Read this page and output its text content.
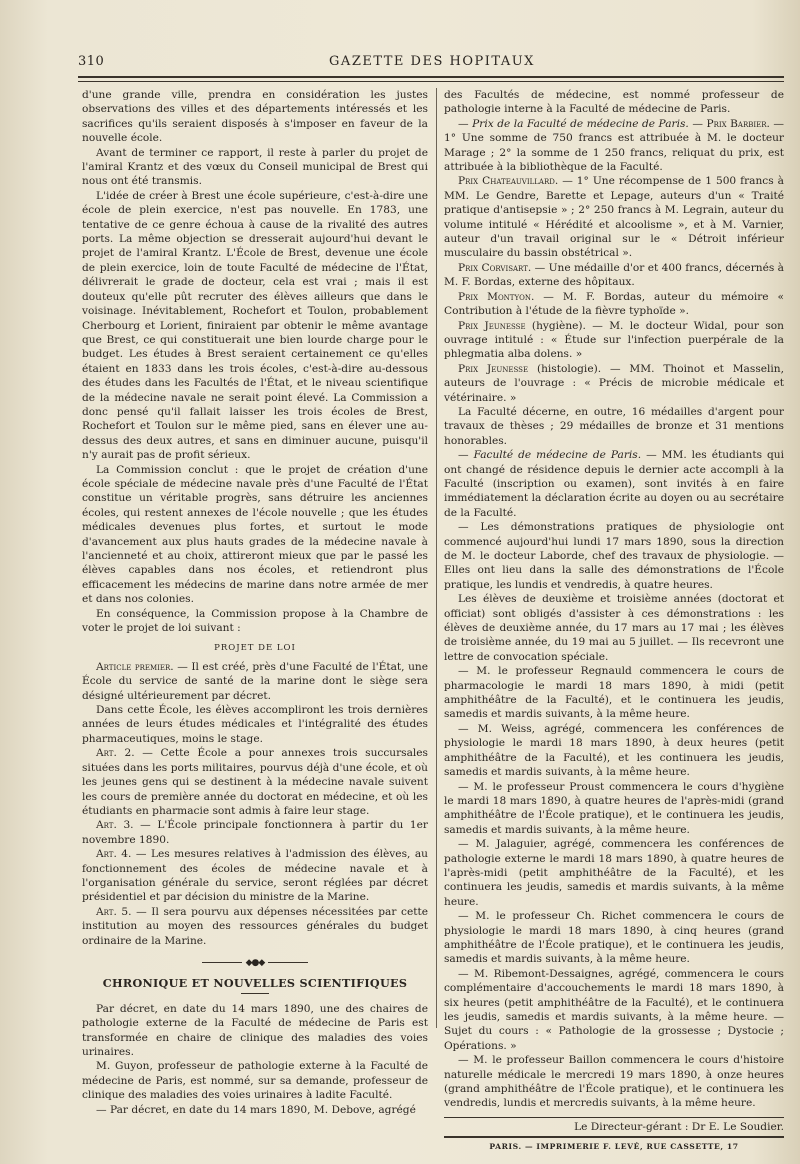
310	GAZETTE DES HOPITAUX

d'une grande ville, prendra en considération les justes observations des villes et des départements intéressés et les sacrifices qu'ils seraient disposés à s'imposer en faveur de la nouvelle école.

Avant de terminer ce rapport, il reste à parler du projet de l'amiral Krantz et des vœux du Conseil municipal de Brest qui nous ont été transmis.

L'idée de créer à Brest une école supérieure, c'est-à-dire une école de plein exercice, n'est pas nouvelle. En 1783, une tentative de ce genre échoua à cause de la rivalité des autres ports. La même objection se dresserait aujourd'hui devant le projet de l'amiral Krantz. L'École de Brest, devenue une école de plein exercice, loin de toute Faculté de médecine de l'État, délivrerait le grade de docteur, cela est vrai ; mais il est douteux qu'elle pût recruter des élèves ailleurs que dans le voisinage. Inévitablement, Rochefort et Toulon, probablement Cherbourg et Lorient, finiraient par obtenir le même avantage que Brest, ce qui constituerait une bien lourde charge pour le budget. Les études à Brest seraient certainement ce qu'elles étaient en 1833 dans les trois écoles, c'est-à-dire au-dessous des études dans les Facultés de l'État, et le niveau scientifique de la médecine navale ne serait point élevé. La Commission a donc pensé qu'il fallait laisser les trois écoles de Brest, Rochefort et Toulon sur le même pied, sans en élever une au-dessus des deux autres, et sans en diminuer aucune, puisqu'il n'y aurait pas de profit sérieux.

La Commission conclut : que le projet de création d'une école spéciale de médecine navale près d'une Faculté de l'État constitue un véritable progrès, sans détruire les anciennes écoles, qui restent annexes de l'école nouvelle ; que les études médicales devenues plus fortes, et surtout le mode d'avancement aux plus hauts grades de la médecine navale à l'ancienneté et au choix, attireront mieux que par le passé les élèves capables dans nos écoles, et retiendront plus efficacement les médecins de marine dans notre armée de mer et dans nos colonies.

En conséquence, la Commission propose à la Chambre de voter le projet de loi suivant :

PROJET DE LOI

Article premier. — Il est créé, près d'une Faculté de l'État, une École du service de santé de la marine dont le siège sera désigné ultérieurement par décret.

Dans cette École, les élèves accompliront les trois dernières années de leurs études médicales et l'intégralité des études pharmaceutiques, moins le stage.

Art. 2. — Cette École a pour annexes trois succursales situées dans les ports militaires, pourvus déjà d'une école, et où les jeunes gens qui se destinent à la médecine navale suivent les cours de première année du doctorat en médecine, et où les étudiants en pharmacie sont admis à faire leur stage.

Art. 3. — L'École principale fonctionnera à partir du 1er novembre 1890.

Art. 4. — Les mesures relatives à l'admission des élèves, au fonctionnement des écoles de médecine navale et à l'organisation générale du service, seront réglées par décret présidentiel et par décision du ministre de la Marine.

Art. 5. — Il sera pourvu aux dépenses nécessitées par cette institution au moyen des ressources générales du budget ordinaire de la Marine.

◆●◆
CHRONIQUE ET NOUVELLES SCIENTIFIQUES

Par décret, en date du 14 mars 1890, une des chaires de pathologie externe de la Faculté de médecine de Paris est transformée en chaire de clinique des maladies des voies urinaires.

M. Guyon, professeur de pathologie externe à la Faculté de médecine de Paris, est nommé, sur sa demande, professeur de clinique des maladies des voies urinaires à ladite Faculté.

— Par décret, en date du 14 mars 1890, M. Debove, agrégé

des Facultés de médecine, est nommé professeur de pathologie interne à la Faculté de médecine de Paris.

— Prix de la Faculté de médecine de Paris. — Prix Barbier. — 1° Une somme de 750 francs est attribuée à M. le docteur Marage ; 2° la somme de 1 250 francs, reliquat du prix, est attribuée à la bibliothèque de la Faculté.

Prix Chateauvillard. — 1° Une récompense de 1 500 francs à MM. Le Gendre, Barette et Lepage, auteurs d'un « Traité pratique d'antisepsie » ; 2° 250 francs à M. Legrain, auteur du volume intitulé « Hérédité et alcoolisme », et à M. Varnier, auteur d'un travail original sur le « Détroit inférieur musculaire du bassin obstétrical ».

Prix Corvisart. — Une médaille d'or et 400 francs, décernés à M. F. Bordas, externe des hôpitaux.

Prix Montyon. — M. F. Bordas, auteur du mémoire « Contribution à l'étude de la fièvre typhoïde ».

Prix Jeunesse (hygiène). — M. le docteur Widal, pour son ouvrage intitulé : « Étude sur l'infection puerpérale de la phlegmatia alba dolens. »

Prix Jeunesse (histologie). — MM. Thoinot et Masselin, auteurs de l'ouvrage : « Précis de microbie médicale et vétérinaire. »

La Faculté décerne, en outre, 16 médailles d'argent pour travaux de thèses ; 29 médailles de bronze et 31 mentions honorables.

— Faculté de médecine de Paris. — MM. les étudiants qui ont changé de résidence depuis le dernier acte accompli à la Faculté (inscription ou examen), sont invités à en faire immédiatement la déclaration écrite au doyen ou au secrétaire de la Faculté.

— Les démonstrations pratiques de physiologie ont commencé aujourd'hui lundi 17 mars 1890, sous la direction de M. le docteur Laborde, chef des travaux de physiologie. — Elles ont lieu dans la salle des démonstrations de l'École pratique, les lundis et vendredis, à quatre heures.

Les élèves de deuxième et troisième années (doctorat et officiat) sont obligés d'assister à ces démonstrations : les élèves de deuxième année, du 17 mars au 17 mai ; les élèves de troisième année, du 19 mai au 5 juillet. — Ils recevront une lettre de convocation spéciale.

— M. le professeur Regnauld commencera le cours de pharmacologie le mardi 18 mars 1890, à midi (petit amphithéâtre de la Faculté), et le continuera les jeudis, samedis et mardis suivants, à la même heure.

— M. Weiss, agrégé, commencera les conférences de physiologie le mardi 18 mars 1890, à deux heures (petit amphithéâtre de la Faculté), et les continuera les jeudis, samedis et mardis suivants, à la même heure.

— M. le professeur Proust commencera le cours d'hygiène le mardi 18 mars 1890, à quatre heures de l'après-midi (grand amphithéâtre de l'École pratique), et le continuera les jeudis, samedis et mardis suivants, à la même heure.

— M. Jalaguier, agrégé, commencera les conférences de pathologie externe le mardi 18 mars 1890, à quatre heures de l'après-midi (petit amphithéâtre de la Faculté), et les continuera les jeudis, samedis et mardis suivants, à la même heure.

— M. le professeur Ch. Richet commencera le cours de physiologie le mardi 18 mars 1890, à cinq heures (grand amphithéâtre de l'École pratique), et le continuera les jeudis, samedis et mardis suivants, à la même heure.

— M. Ribemont-Dessaignes, agrégé, commencera le cours complémentaire d'accouchements le mardi 18 mars 1890, à six heures (petit amphithéâtre de la Faculté), et le continuera les jeudis, samedis et mardis suivants, à la même heure. — Sujet du cours : « Pathologie de la grossesse ; Dystocie ; Opérations. »

— M. le professeur Baillon commencera le cours d'histoire naturelle médicale le mercredi 19 mars 1890, à onze heures (grand amphithéâtre de l'École pratique), et le continuera les vendredis, lundis et mercredis suivants, à la même heure.

Le Directeur-gérant : Dr E. Le Soudier.
PARIS. — IMPRIMERIE F. LEVÉ, RUE CASSETTE, 17
